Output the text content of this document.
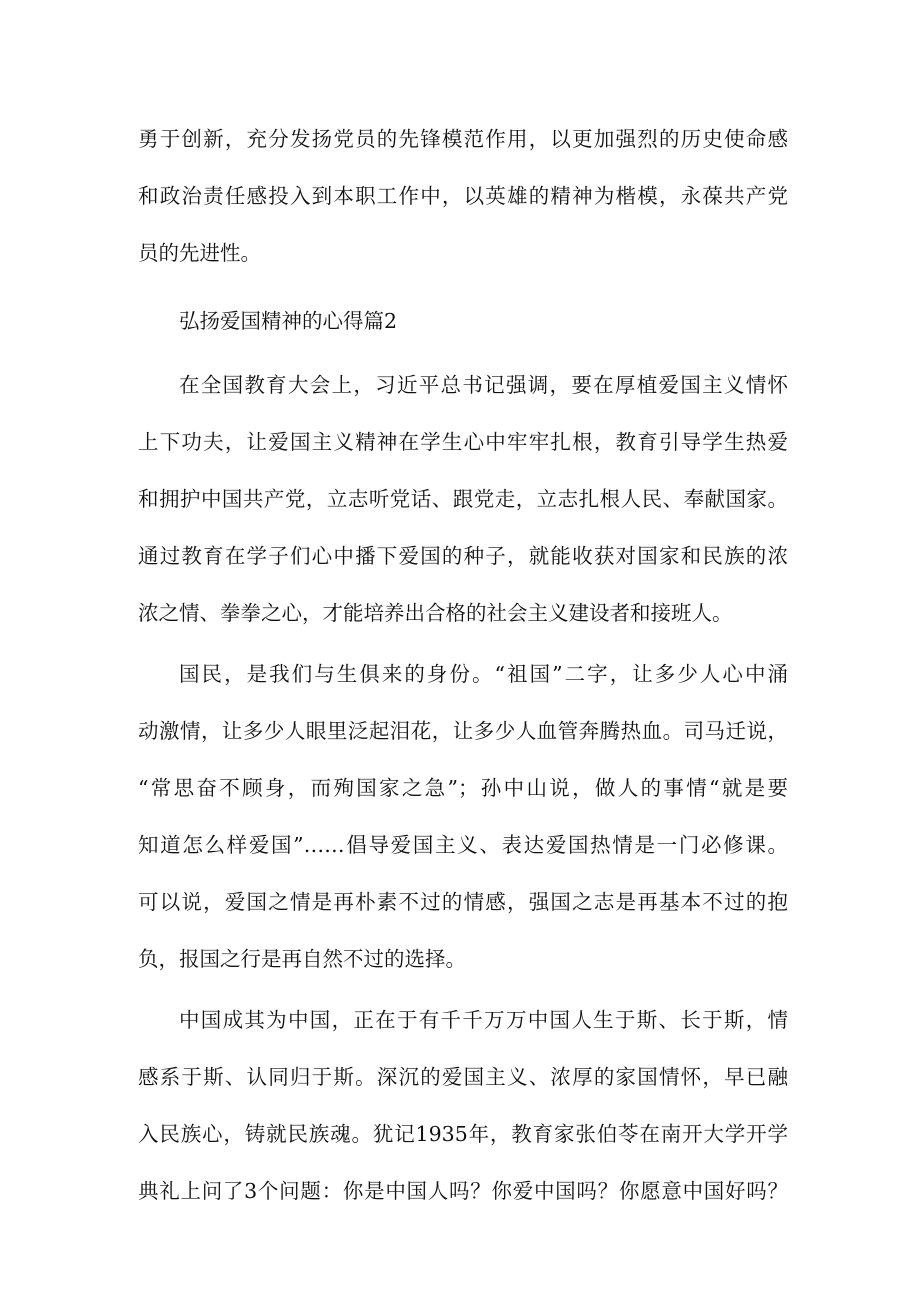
勇于创新，充分发扬党员的先锋模范作用，以更加强烈的历史使命感
和政治责任感投入到本职工作中，以英雄的精神为楷模，永葆共产党
员的先进性。
弘扬爱国精神的心得篇2
在全国教育大会上，习近平总书记强调，要在厚植爱国主义情怀
上下功夫，让爱国主义精神在学生心中牢牢扎根，教育引导学生热爱
和拥护中国共产党，立志听党话、跟党走，立志扎根人民、奉献国家。
通过教育在学子们心中播下爱国的种子，就能收获对国家和民族的浓
浓之情、拳拳之心，才能培养出合格的社会主义建设者和接班人。
国民，是我们与生俱来的身份。“祖国”二字，让多少人心中涌
动激情，让多少人眼里泛起泪花，让多少人血管奔腾热血。司马迁说，
“常思奋不顾身，而殉国家之急”；孙中山说，做人的事情“就是要
知道怎么样爱国”……倡导爱国主义、表达爱国热情是一门必修课。
可以说，爱国之情是再朴素不过的情感，强国之志是再基本不过的抱
负，报国之行是再自然不过的选择。
中国成其为中国，正在于有千千万万中国人生于斯、长于斯，情
感系于斯、认同归于斯。深沉的爱国主义、浓厚的家国情怀，早已融
入民族心，铸就民族魂。犹记1935年，教育家张伯苓在南开大学开学
典礼上问了3个问题：你是中国人吗？你爱中国吗？你愿意中国好吗？
